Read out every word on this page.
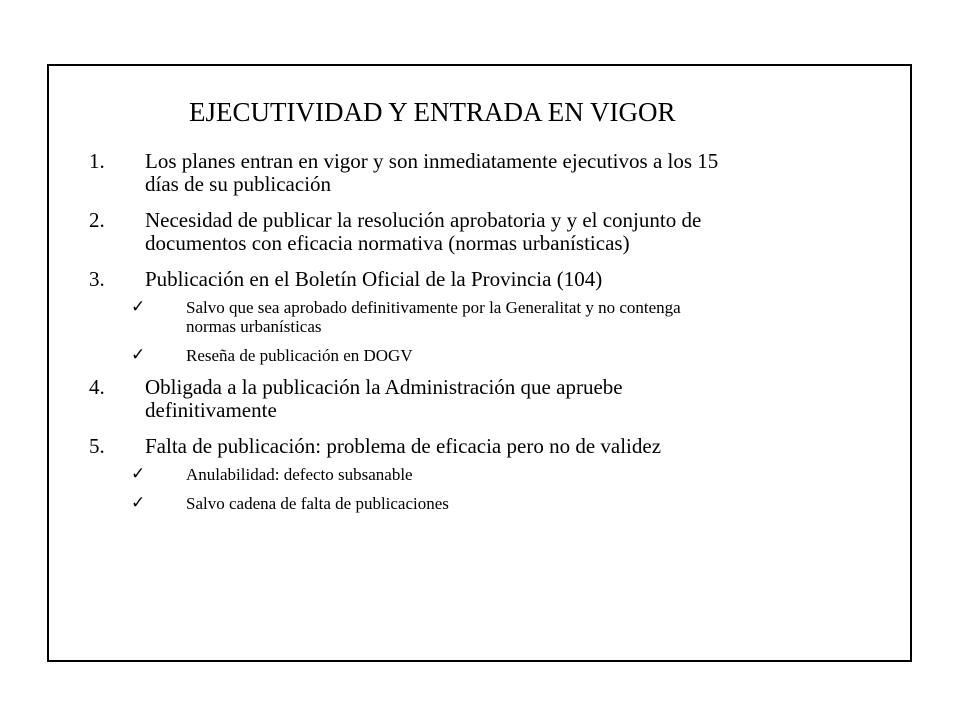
EJECUTIVIDAD Y ENTRADA EN VIGOR
1. Los planes entran en vigor y son inmediatamente ejecutivos a los 15
días de su publicación
2. Necesidad de publicar la resolución aprobatoria y y el conjunto de
documentos con eficacia normativa (normas urbanísticas)
3. Publicación en el Boletín Oficial de la Provincia (104)
✓ Salvo que sea aprobado definitivamente por la Generalitat y no contenga
normas urbanísticas
✓ Reseña de publicación en DOGV
4. Obligada a la publicación la Administración que apruebe
definitivamente
5. Falta de publicación: problema de eficacia pero no de validez
✓ Anulabilidad: defecto subsanable
✓ Salvo cadena de falta de publicaciones
